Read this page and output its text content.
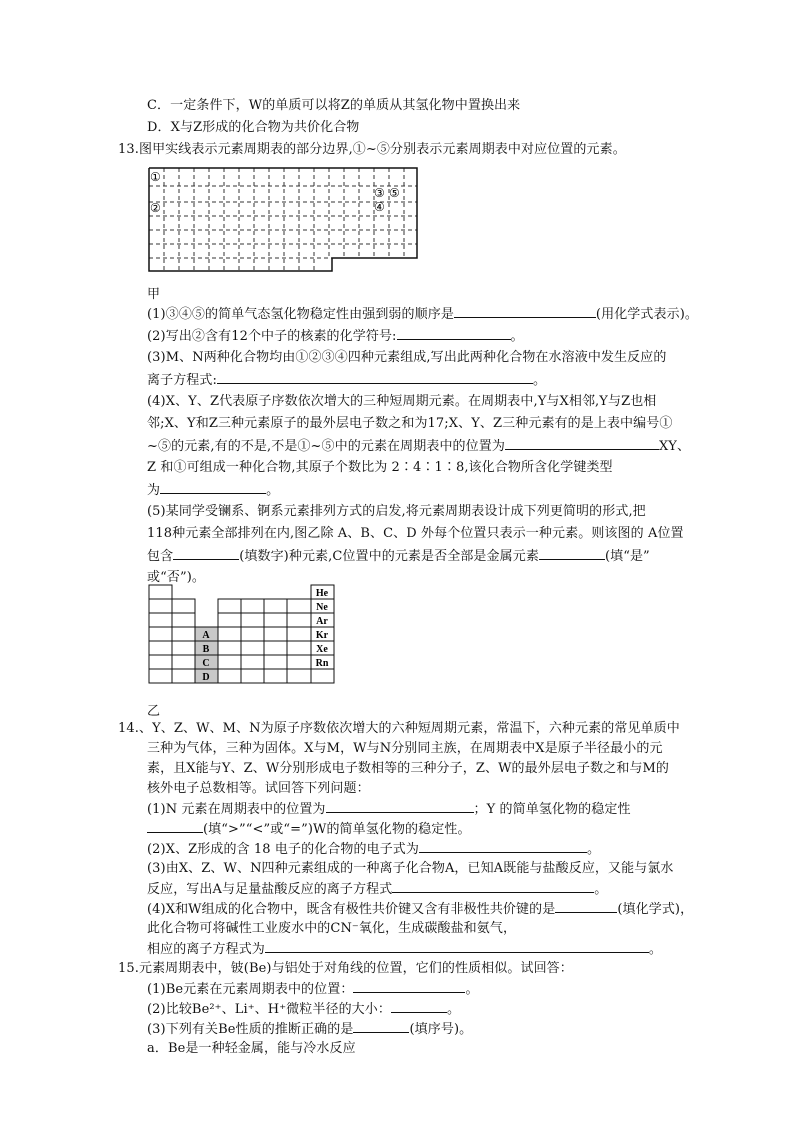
C．一定条件下，W的单质可以将Z的单质从其氢化物中置换出来
D．X与Z形成的化合物为共价化合物
13.图甲实线表示元素周期表的部分边界,①~⑤分别表示元素周期表中对应位置的元素。
①
②
③ ⑤
④
甲
(1)③④⑤的简单气态氢化物稳定性由强到弱的顺序是	(用化学式表示)。
(2)写出②含有12个中子的核素的化学符号:	。
(3)M、N两种化合物均由①②③④四种元素组成,写出此两种化合物在水溶液中发生反应的
离子方程式:	。
(4)X、Y、Z代表原子序数依次增大的三种短周期元素。在周期表中,Y与X相邻,Y与Z也相
邻;X、Y和Z三种元素原子的最外层电子数之和为17;X、Y、Z三种元素有的是上表中编号①
~⑤的元素,有的不是,不是①~⑤中的元素在周期表中的位置为	XY、
Z 和①可组成一种化合物,其原子个数比为 2∶4∶1∶8,该化合物所含化学键类型
为	。
(5)某同学受镧系、锕系元素排列方式的启发,将元素周期表设计成下列更简明的形式,把
118种元素全部排列在内,图乙除 A、B、C、D 外每个位置只表示一种元素。则该图的 A位置
包含	(填数字)种元素,C位置中的元素是否全部是金属元素	(填“是”
或“否”)。
He
Ne
Ar
Kr
Xe
Rn
A
B
C
D
乙
14.、Y、Z、W、M、N为原子序数依次增大的六种短周期元素，常温下，六种元素的常见单质中
三种为气体，三种为固体。X与M，W与N分别同主族，在周期表中X是原子半径最小的元
素，且X能与Y、Z、W分别形成电子数相等的三种分子，Z、W的最外层电子数之和与M的
核外电子总数相等。试回答下列问题：
(1)N 元素在周期表中的位置为	；Y 的简单氢化物的稳定性
(填“>”“<”或“=”)W的简单氢化物的稳定性。
(2)X、Z形成的含 18 电子的化合物的电子式为	。
(3)由X、Z、W、N四种元素组成的一种离子化合物A，已知A既能与盐酸反应，又能与氯水
反应，写出A与足量盐酸反应的离子方程式	。
(4)X和W组成的化合物中，既含有极性共价键又含有非极性共价键的是	(填化学式)，
此化合物可将碱性工业废水中的CN⁻氧化，生成碳酸盐和氨气，
相应的离子方程式为	。
15.元素周期表中，铍(Be)与铝处于对角线的位置，它们的性质相似。试回答：
(1)Be元素在元素周期表中的位置：	。
(2)比较Be²⁺、Li⁺、H⁺微粒半径的大小：	。
(3)下列有关Be性质的推断正确的是	(填序号)。
a．Be是一种轻金属，能与冷水反应
